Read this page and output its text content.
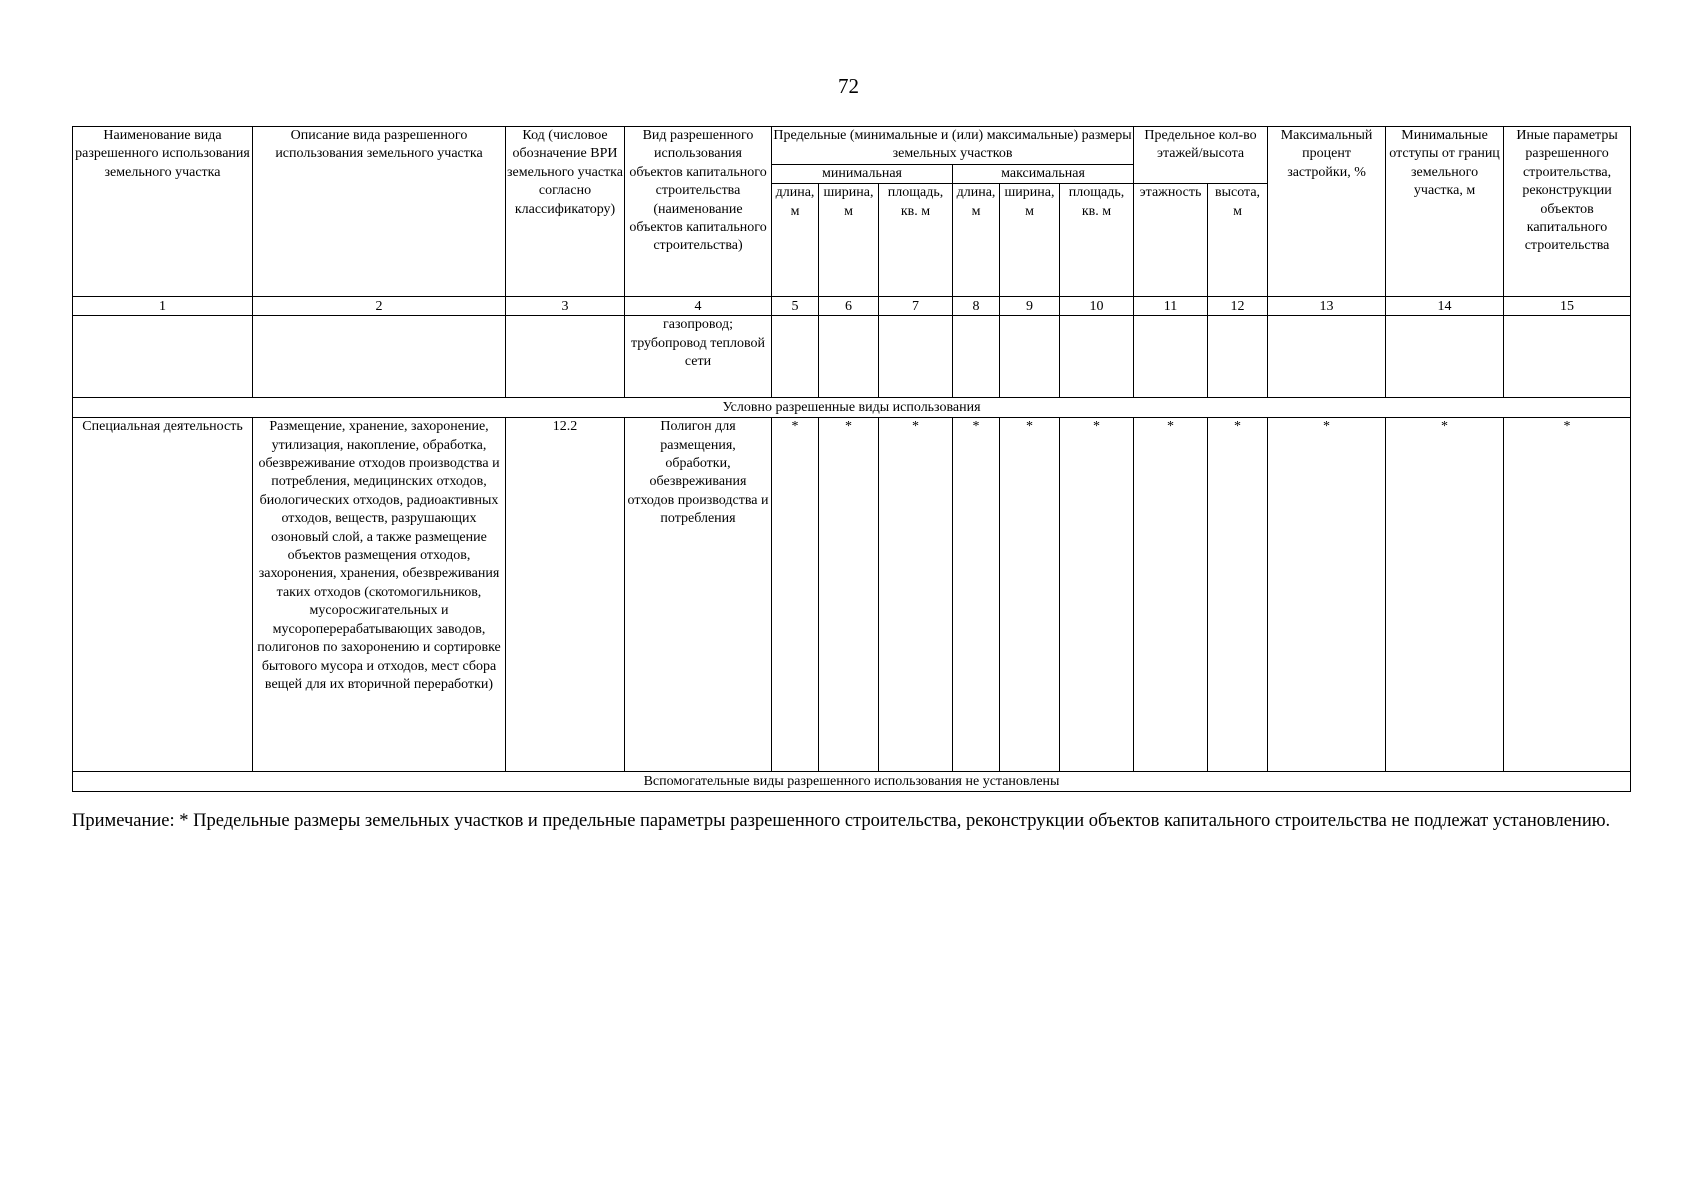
72
Наименование вида разрешенного использования земельного участка	Описание вида разрешенного использования земельного участка	Код (числовое обозначение ВРИ земельного участка согласно классификатору)	Вид разрешенного использования объектов капитального строительства (наименование объектов капитального строительства)	Предельные (минимальные и (или) максимальные) размеры земельных участков						Предельное кол-во этажей/высота		Максимальный процент застройки, %	Минимальные отступы от границ земельного участка, м	Иные параметры разрешенного строительства, реконструкции объектов капитального строительства
				минимальная			максимальная							
				длина, м	ширина, м	площадь, кв. м	длина, м	ширина, м	площадь, кв. м	этажность	высота, м			
1	2	3	4	5	6	7	8	9	10	11	12	13	14	15
			газопровод; трубопровод тепловой сети											
Условно разрешенные виды использования														
Специальная деятельность	Размещение, хранение, захоронение, утилизация, накопление, обработка, обезвреживание отходов производства и потребления, медицинских отходов, биологических отходов, радиоактивных отходов, веществ, разрушающих озоновый слой, а также размещение объектов размещения отходов, захоронения, хранения, обезвреживания таких отходов (скотомогильников, мусоросжигательных и мусороперерабатывающих заводов, полигонов по захоронению и сортировке бытового мусора и отходов, мест сбора вещей для их вторичной переработки)	12.2	Полигон для размещения, обработки, обезвреживания отходов производства и потребления	*	*	*	*	*	*	*	*	*	*	*
Вспомогательные виды разрешенного использования не установлены														
Примечание: * Предельные размеры земельных участков и предельные параметры разрешенного строительства, реконструкции объектов капитального строительства не подлежат установлению.
